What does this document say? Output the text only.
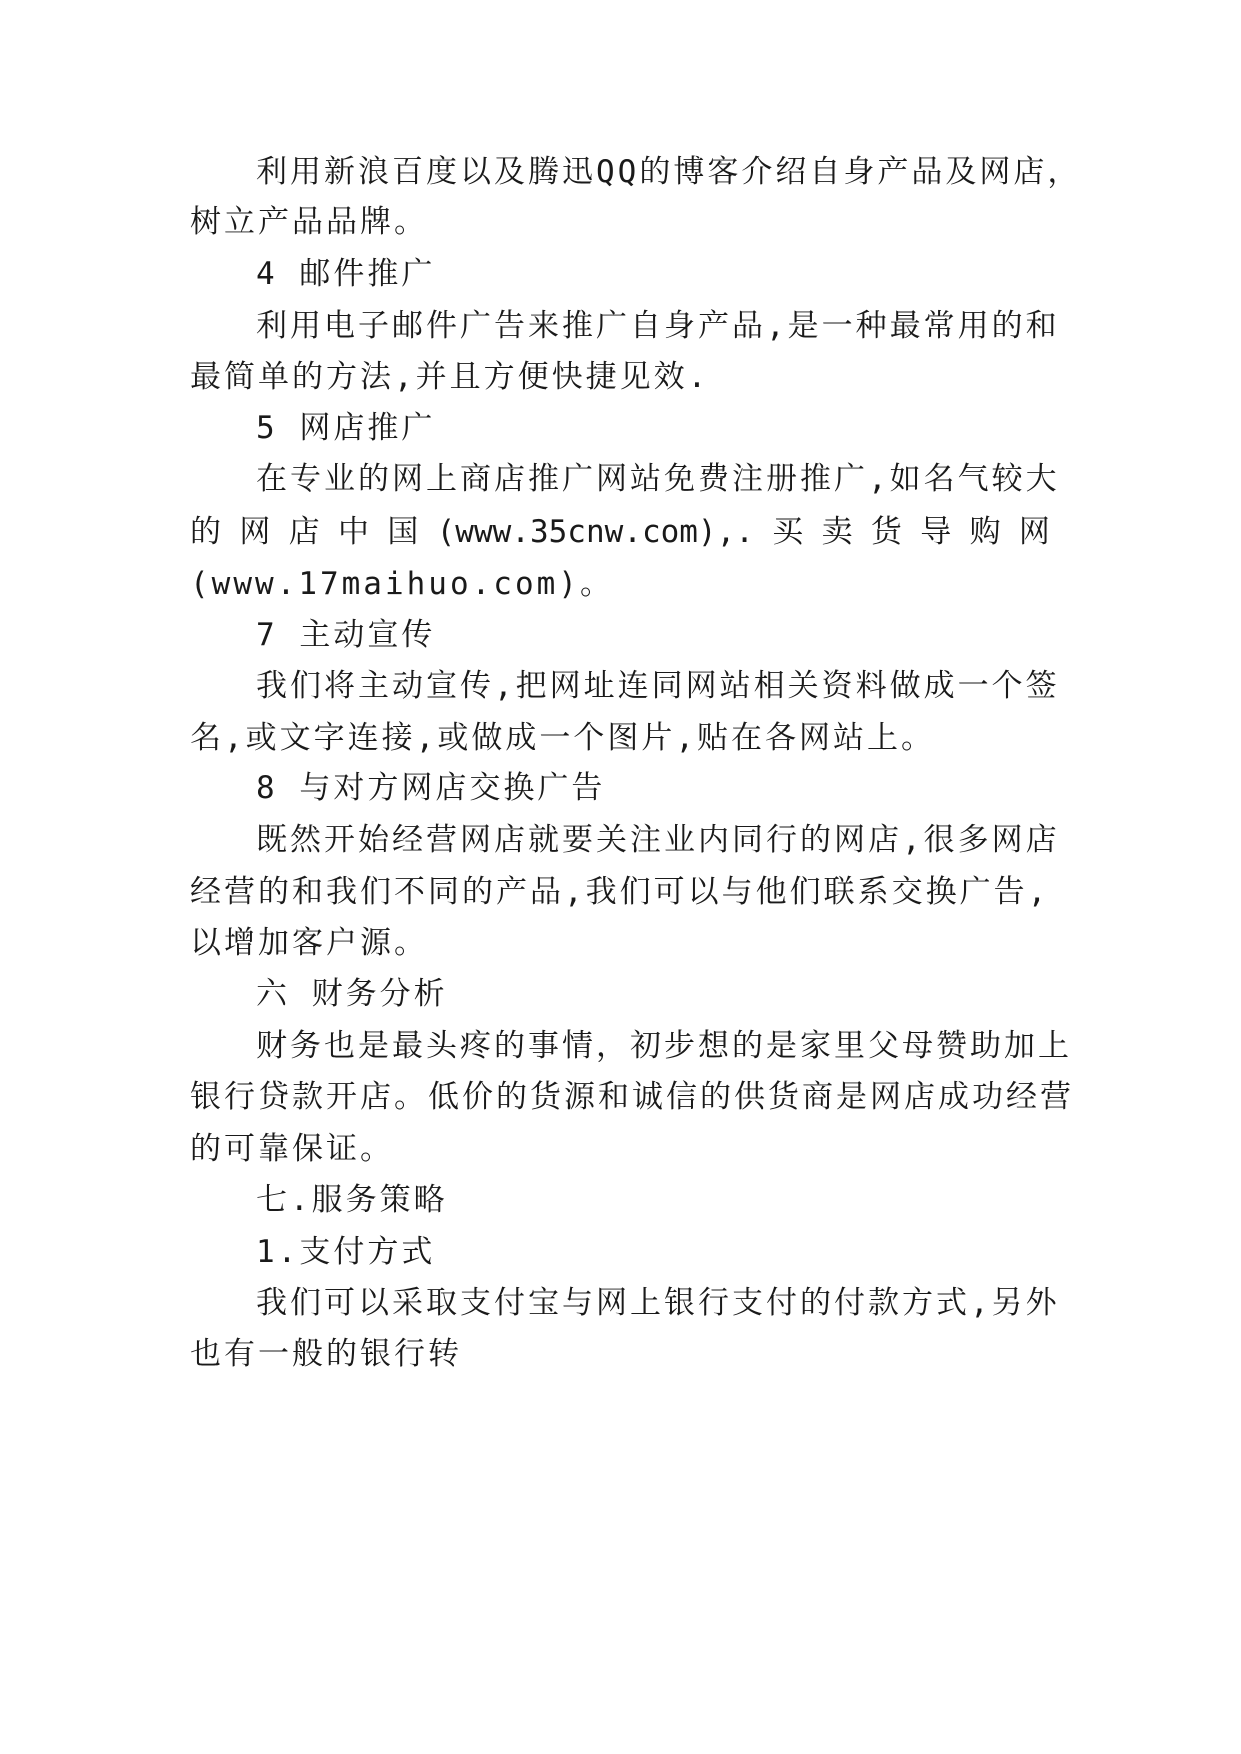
利用新浪百度以及腾迅QQ的博客介绍自身产品及网店，
树立产品品牌。
4 邮件推广
利用电子邮件广告来推广自身产品,是一种最常用的和
最简单的方法,并且方便快捷见效.
5 网店推广
在专业的网上商店推广网站免费注册推广,如名气较大
的 网 店 中 国 (www.35cnw.com),. 买 卖 货 导 购 网
(www.17maihuo.com)。
7 主动宣传
我们将主动宣传,把网址连同网站相关资料做成一个签
名,或文字连接,或做成一个图片,贴在各网站上。
8 与对方网店交换广告
既然开始经营网店就要关注业内同行的网店,很多网店
经营的和我们不同的产品,我们可以与他们联系交换广告,
以增加客户源。
六 财务分析
财务也是最头疼的事情，初步想的是家里父母赞助加上
银行贷款开店。低价的货源和诚信的供货商是网店成功经营
的可靠保证。
七.服务策略
1.支付方式
我们可以采取支付宝与网上银行支付的付款方式,另外
也有一般的银行转
